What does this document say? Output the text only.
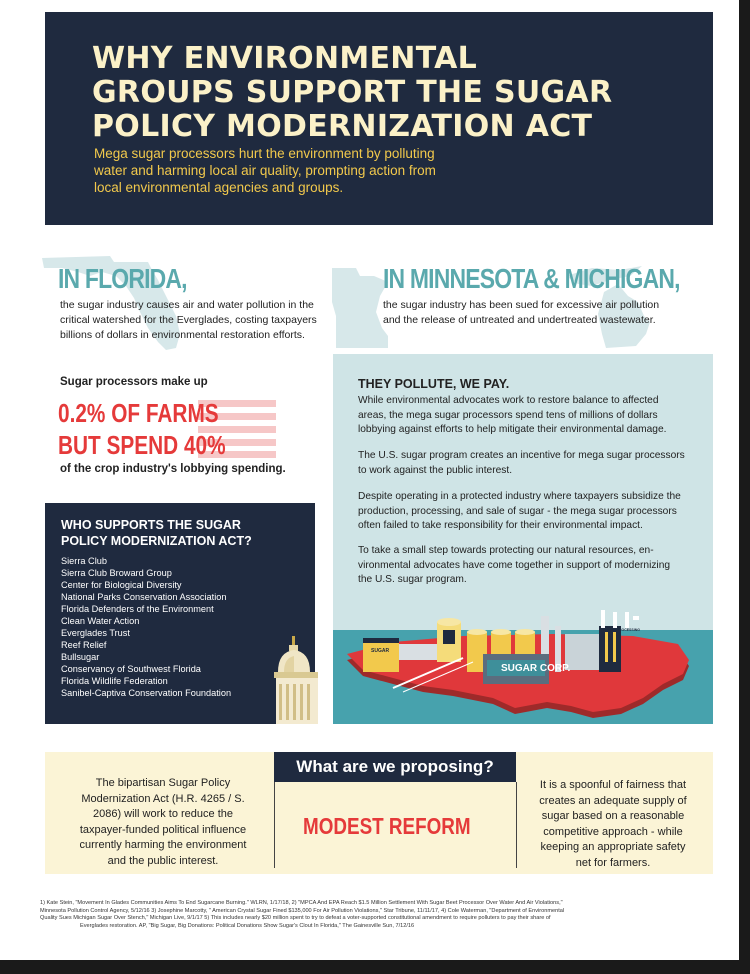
WHY ENVIRONMENTAL
GROUPS SUPPORT THE SUGAR
POLICY MODERNIZATION ACT
Mega sugar processors hurt the environment by polluting
water and harming local air quality, prompting action from
local environmental agencies and groups.
IN FLORIDA,
the sugar industry causes air and water pollution in the
critical watershed for the Everglades, costing taxpayers
billions of dollars in environmental restoration efforts.
IN MINNESOTA & MICHIGAN,
the sugar industry has been sued for excessive air pollution
and the release of untreated and undertreated wastewater.
Sugar processors make up
0.2% OF FARMS
BUT SPEND 40%
of the crop industry's lobbying spending.
WHO SUPPORTS THE SUGAR
POLICY MODERNIZATION ACT?
Sierra Club
Sierra Club Broward Group
Center for Biological Diversity
National Parks Conservation Association
Florida Defenders of the Environment
Clean Water Action
Everglades Trust
Reef Relief
Bullsugar
Conservancy of Southwest Florida
Florida Wildlife Federation
Sanibel-Captiva Conservation Foundation
THEY POLLUTE, WE PAY.
While environmental advocates work to restore balance to affected
areas, the mega sugar processors spend tens of millions of dollars
lobbying against efforts to help mitigate their environmental damage.
The U.S. sugar program creates an incentive for mega sugar processors
to work against the public interest.
Despite operating in a protected industry where taxpayers subsidize the
production, processing, and sale of sugar - the mega sugar processors
often failed to take responsibility for their environmental impact.
To take a small step towards protecting our natural resources, en-
vironmental advocates have come together in support of modernizing
the U.S. sugar program.
SUGAR CORP.
SUGAR PROCESSING
SUGAR
What are we proposing?
The bipartisan Sugar Policy
Modernization Act (H.R. 4265 / S.
2086) will work to reduce the
taxpayer-funded political influence
currently harming the environment
and the public interest.
MODEST REFORM
It is a spoonful of fairness that
creates an adequate supply of
sugar based on a reasonable
competitive approach - while
keeping an appropriate safety
net for farmers.
1) Kate Stein, "Movement In Glades Communities Aims To End Sugarcane Burning." WLRN, 1/17/18, 2) "MPCA And EPA Reach $1.5 Million Settlement With Sugar Beet Processor Over Water And Air Violations,"
Minnesota Pollution Control Agency, 5/12/16 3) Josephine Marcotty, " American Crystal Sugar Fined $135,000 For Air Pollution Violations," Star Tribune, 11/11/17, 4) Cole Waterman, "Department of Environmental
Quality Sues Michigan Sugar Over Stench," Michigan Live, 9/1/17 5) This includes nearly $20 million spent to try to defeat a voter-supported constitutional amendment to require polluters to pay their share of
Everglades restoration. AP, "Big Sugar, Big Donations: Political Donations Show Sugar's Clout In Florida," The Gainesville Sun, 7/12/16
